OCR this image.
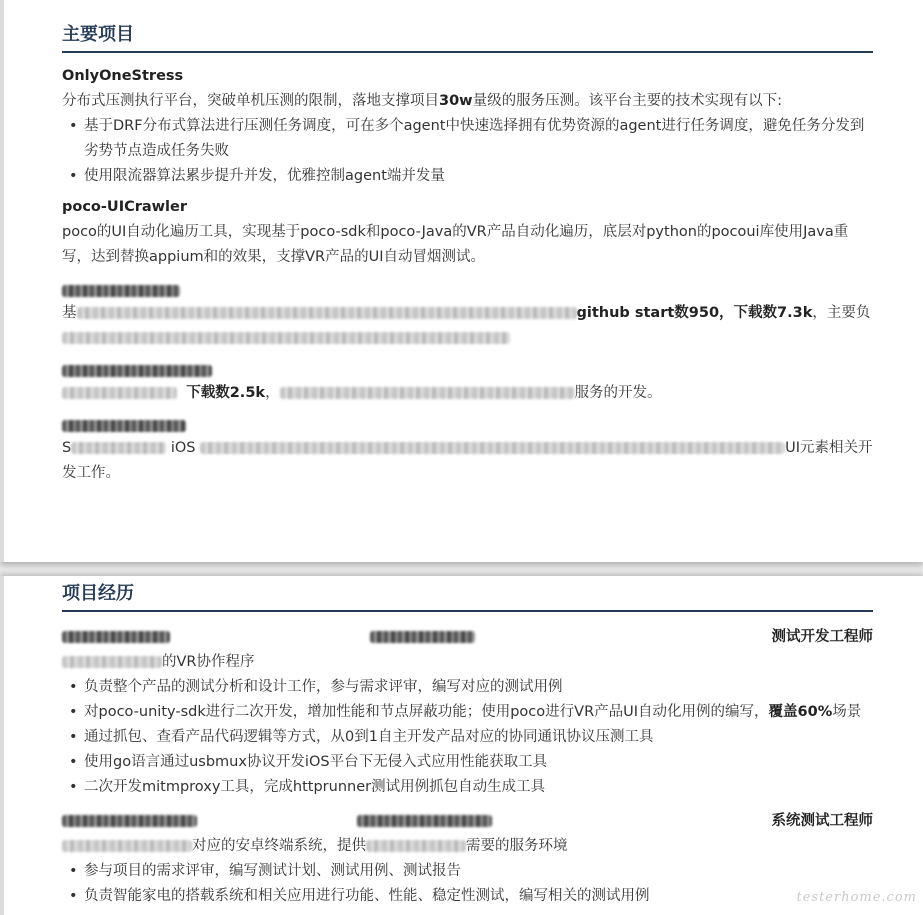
主要项目
OnlyOneStress
分布式压测执行平台，突破单机压测的限制，落地支撑项目30w量级的服务压测。该平台主要的技术实现有以下:
• 基于DRF分布式算法进行压测任务调度，可在多个agent中快速选择拥有优势资源的agent进行任务调度，避免任务分发到劣势节点造成任务失败
• 使用限流器算法累步提升并发，优雅控制agent端并发量
poco-UICrawler
poco的UI自动化遍历工具，实现基于poco-sdk和poco-Java的VR产品自动化遍历，底层对python的pocoui库使用Java重写，达到替换appium和的效果，支撑VR产品的UI自动冒烟测试。
基	github start数950，下载数7.3k，主要负

下载数2.5k，	服务的开发。
S	iOS	UI元素相关开
发工作。
项目经历
测试开发工程师
的VR协作程序
• 负责整个产品的测试分析和设计工作，参与需求评审，编写对应的测试用例
• 对poco-unity-sdk进行二次开发，增加性能和节点屏蔽功能；使用poco进行VR产品UI自动化用例的编写，覆盖60%场景
• 通过抓包、查看产品代码逻辑等方式，从0到1自主开发产品对应的协同通讯协议压测工具
• 使用go语言通过usbmux协议开发iOS平台下无侵入式应用性能获取工具
• 二次开发mitmproxy工具，完成httprunner测试用例抓包自动生成工具
系统测试工程师
对应的安卓终端系统，提供	需要的服务环境
• 参与项目的需求评审，编写测试计划、测试用例、测试报告
• 负责智能家电的搭载系统和相关应用进行功能、性能、稳定性测试，编写相关的测试用例	testerhome.com
